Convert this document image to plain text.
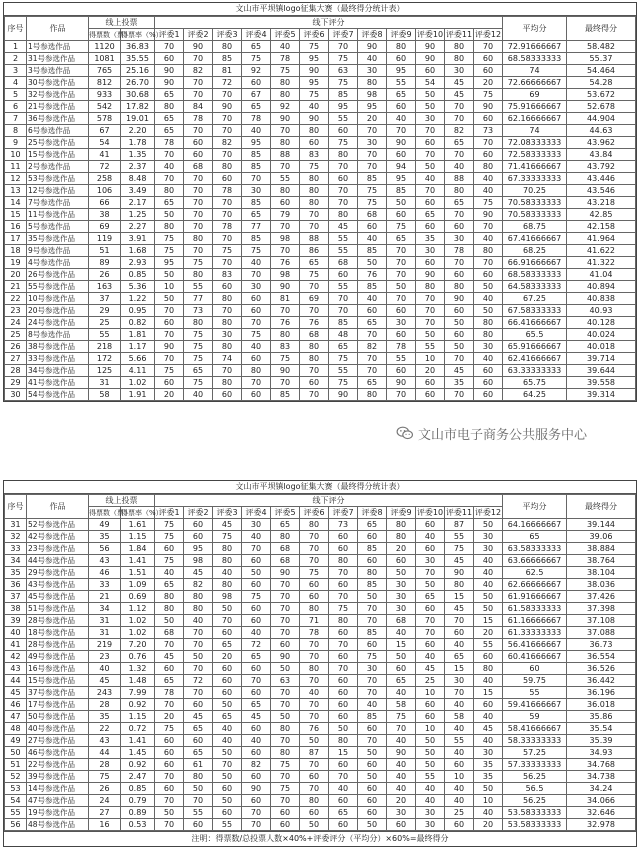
文山市平坝镇logo征集大赛（最终得分统计表）
序号	作品	线上投票		线下评分												平均分	最终得分
		得票数（票）	得票率（%）	评委1	评委2	评委3	评委4	评委5	评委6	评委7	评委8	评委9	评委10	评委11	评委12		
1	1号参选作品	1120	36.83	70	90	80	65	40	75	70	90	80	90	80	70	72.91666667	58.482
2	31号参选作品	1081	35.55	60	70	85	75	78	95	75	40	60	90	80	60	68.58333333	55.37
3	3号参选作品	765	25.16	90	82	81	92	75	90	63	30	95	60	30	60	74	54.464
4	30号参选作品	812	26.70	90	70	72	60	80	95	75	80	55	54	45	20	72.66666667	54.28
5	32号参选作品	933	30.68	65	70	70	67	80	75	85	98	65	50	45	75	69	53.672
6	21号参选作品	542	17.82	80	84	90	65	92	40	95	95	60	50	70	90	75.91666667	52.678
7	36号参选作品	578	19.01	65	78	70	78	90	90	55	20	40	30	70	60	62.16666667	44.904
8	6号参选作品	67	2.20	65	70	70	40	70	80	60	70	70	70	82	73	74	44.63
9	25号参选作品	54	1.78	78	60	82	95	80	60	75	30	90	60	65	70	72.08333333	43.962
10	15号参选作品	41	1.35	70	60	70	85	88	83	80	70	60	70	70	60	72.58333333	43.84
11	2号参选作品	72	2.37	40	68	80	85	70	75	70	70	94	50	40	80	71.41666667	43.792
12	53号参选作品	258	8.48	70	70	60	70	55	80	60	85	95	40	88	40	67.33333333	43.446
13	12号参选作品	106	3.49	80	70	78	30	80	80	70	75	85	70	80	40	70.25	43.546
14	7号参选作品	66	2.17	65	70	70	85	60	80	70	75	50	60	65	75	70.58333333	43.218
15	11号参选作品	38	1.25	50	70	70	65	79	70	80	68	60	65	70	90	70.58333333	42.85
16	5号参选作品	69	2.27	80	70	78	77	70	70	45	60	75	60	60	70	68.75	42.158
17	35号参选作品	119	3.91	75	80	70	85	98	88	55	40	65	35	30	40	67.41666667	41.964
18	9号参选作品	51	1.68	75	70	75	75	70	86	55	85	70	30	78	80	68.25	41.622
19	4号参选作品	89	2.93	95	75	70	40	76	65	68	50	70	60	70	70	66.91666667	41.322
20	26号参选作品	26	0.85	50	80	83	70	98	75	60	76	70	90	60	60	68.58333333	41.04
21	55号参选作品	163	5.36	10	55	60	30	90	70	55	85	50	80	80	50	64.58333333	40.894
22	10号参选作品	37	1.22	50	77	80	60	81	69	70	40	70	70	90	40	67.25	40.838
23	20号参选作品	29	0.95	70	73	70	60	70	70	70	60	60	70	60	50	67.58333333	40.93
24	24号参选作品	25	0.82	60	80	80	70	76	76	85	65	30	70	50	80	66.41666667	40.128
25	8号参选作品	55	1.81	70	75	30	75	80	68	48	70	60	50	60	80	65.5	40.024
26	38号参选作品	218	1.17	90	75	80	40	83	80	65	82	78	55	50	30	65.91666667	40.018
27	33号参选作品	172	5.66	70	75	74	60	75	80	75	70	55	10	70	40	62.41666667	39.714
28	34号参选作品	125	4.11	75	65	70	80	90	70	55	70	60	20	45	60	63.33333333	39.644
29	41号参选作品	31	1.02	60	75	80	70	70	60	75	65	90	60	35	60	65.75	39.558
30	54号参选作品	58	1.91	20	40	60	60	85	70	90	80	70	60	70	60	64.25	39.314
文山市电子商务公共服务中心
文山市平坝镇logo征集大赛（最终得分统计表）
序号	作品	线上投票		线下评分												平均分	最终得分
		得票数（票）	得票率（%）	评委1	评委2	评委3	评委4	评委5	评委6	评委7	评委8	评委9	评委10	评委11	评委12		
31	52号参选作品	49	1.61	75	60	45	30	65	80	73	65	80	60	87	50	64.16666667	39.144
32	42号参选作品	35	1.15	75	60	75	40	80	70	60	60	80	40	55	30	65	39.06
33	23号参选作品	56	1.84	60	95	80	70	68	70	60	85	20	60	75	30	63.58333333	38.884
34	44号参选作品	43	1.41	75	98	80	60	68	70	80	60	60	30	45	40	63.66666667	38.764
35	29号参选作品	46	1.51	40	45	40	50	90	75	70	80	50	70	90	40	62.5	38.104
36	43号参选作品	33	1.09	65	82	80	60	70	60	60	85	30	50	80	40	62.66666667	38.036
37	45号参选作品	21	0.69	80	80	98	75	70	60	70	50	30	65	15	50	61.91666667	37.426
38	51号参选作品	34	1.12	80	80	50	60	70	80	75	70	30	60	45	50	61.58333333	37.398
39	28号参选作品	31	1.02	50	40	70	60	70	71	80	70	68	70	70	15	61.16666667	37.108
40	18号参选作品	31	1.02	68	70	60	40	70	78	60	85	40	70	60	20	61.33333333	37.088
41	28号参选作品	219	7.20	70	70	65	72	60	70	70	60	15	60	40	55	56.41666667	36.73
42	49号参选作品	23	0.76	45	50	20	65	90	70	60	75	50	40	65	60	60.41666667	36.554
43	16号参选作品	40	1.32	60	70	60	60	50	80	70	30	60	45	15	80	60	36.526
44	15号参选作品	45	1.48	65	72	60	70	63	70	60	70	65	25	30	40	59.75	36.442
45	37号参选作品	243	7.99	78	70	60	60	70	40	60	70	40	10	70	15	55	36.196
46	17号参选作品	28	0.92	70	60	50	65	70	70	60	40	58	60	40	60	59.41666667	36.018
47	50号参选作品	35	1.15	20	45	65	45	50	70	60	85	75	60	58	40	59	35.86
48	40号参选作品	22	0.72	75	65	40	60	80	76	50	60	70	10	40	45	58.41666667	35.54
49	27号参选作品	43	1.41	60	60	40	40	70	50	80	70	40	50	55	40	58.33333333	35.39
50	46号参选作品	44	1.45	60	65	50	60	80	87	15	50	90	50	40	30	57.25	34.93
51	22号参选作品	28	0.92	60	61	70	82	75	70	60	60	40	50	60	35	57.33333333	34.768
52	39号参选作品	75	2.47	70	80	50	60	70	60	70	50	40	55	10	35	56.25	34.738
53	14号参选作品	26	0.85	60	50	60	90	75	70	40	60	40	40	40	50	56.5	34.24
54	47号参选作品	24	0.79	70	70	50	60	70	80	60	60	20	40	40	10	56.25	34.066
55	19号参选作品	27	0.89	50	55	60	70	60	60	65	60	30	30	25	40	53.58333333	32.646
56	48号参选作品	16	0.53	70	60	55	70	60	50	60	50	60	30	60	20	53.58333333	32.978
注明：得票数/总投票人数×40%+评委评分（平均分）×60%=最终得分
